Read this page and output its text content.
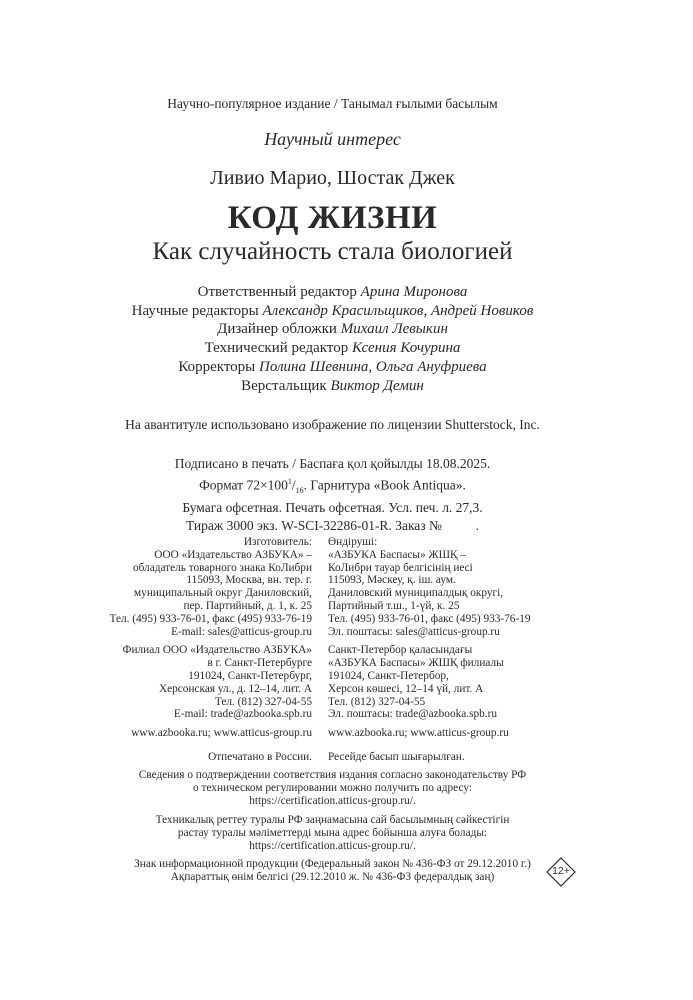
Научно-популярное издание / Танымал ғылыми басылым
Научный интерес
Ливио Марио, Шостак Джек
КОД ЖИЗНИ
Как случайность стала биологией
Ответственный редактор Арина Миронова
Научные редакторы Александр Красильщиков, Андрей Новиков
Дизайнер обложки Михаил Левыкин
Технический редактор Ксения Кочурина
Корректоры Полина Шевнина, Ольга Ануфриева
Верстальщик Виктор Демин
На авантитуле использовано изображение по лицензии Shutterstock, Inc.
Подписано в печать / Баспаға қол қойылды 18.08.2025.
Формат $72\times 100^1/_{16}$. Гарнитура «Book Antiqua».
Бумага офсетная. Печать офсетная. Усл. печ. л. 27,3.
Тираж 3000 экз. W-SCI-32286-01-R. Заказ №          .
Изготовитель:
ООО «Издательство АЗБУКА» –
обладатель товарного знака КоЛибри
115093, Москва, вн. тер. г.
муниципальный округ Даниловский,
пер. Партийный, д. 1, к. 25
Тел. (495) 933-76-01, факс (495) 933-76-19
E-mail: sales@atticus-group.ru
Филиал ООО «Издательство АЗБУКА»
в г. Санкт-Петербурге
191024, Санкт-Петербург,
Херсонская ул., д. 12–14, лит. А
Тел. (812) 327-04-55
E-mail: trade@azbooka.spb.ru
www.azbooka.ru; www.atticus-group.ru
Өндіруші:
«АЗБУКА Баспасы» ЖШҚ –
КоЛибри тауар белгісінің иесі
115093, Мәскеу, қ. іш. аум.
Даниловский муниципалдық округі,
Партийный т.ш., 1-үй, к. 25
Тел. (495) 933-76-01, факс (495) 933-76-19
Эл. поштасы: sales@atticus-group.ru
Санкт-Петербор қаласындағы
«АЗБУКА Баспасы» ЖШҚ филиалы
191024, Санкт-Петербор,
Херсон көшесі, 12–14 үй, лит. А
Тел. (812) 327-04-55
Эл. поштасы: trade@azbooka.spb.ru
www.azbooka.ru; www.atticus-group.ru
Отпечатано в России. Ресейде басып шығарылған.
Сведения о подтверждении соответствия издания согласно законодательству РФ
о техническом регулировании можно получить по адресу:
https://certification.atticus-group.ru/.
Техникалық реттеу туралы РФ заңнамасына сай басылымның сәйкестігін
растау туралы мәліметтерді мына адрес бойынша алуға болады:
https://certification.atticus-group.ru/.
Знак информационной продукции (Федеральный закон № 436-ФЗ от 29.12.2010 г.)
Ақпараттық өнім белгісі (29.12.2010 ж. № 436-ФЗ федералдық заң)	12+
